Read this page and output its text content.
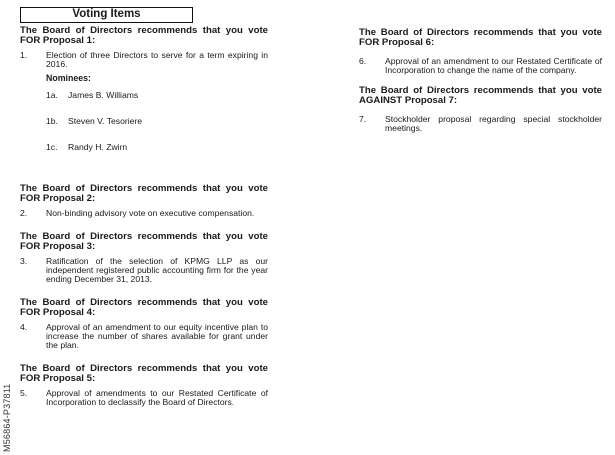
Voting Items
The Board of Directors recommends that you vote FOR Proposal 1:
1. Election of three Directors to serve for a term expiring in 2016.
Nominees:
1a. James B. Williams
1b. Steven V. Tesoriere
1c. Randy H. Zwirn
The Board of Directors recommends that you vote FOR Proposal 2:
2. Non-binding advisory vote on executive compensation.
The Board of Directors recommends that you vote FOR Proposal 3:
3. Ratification of the selection of KPMG LLP as our independent registered public accounting firm for the year ending December 31, 2013.
The Board of Directors recommends that you vote FOR Proposal 4:
4. Approval of an amendment to our equity incentive plan to increase the number of shares available for grant under the plan.
The Board of Directors recommends that you vote FOR Proposal 5:
5. Approval of amendments to our Restated Certificate of Incorporation to declassify the Board of Directors.
The Board of Directors recommends that you vote FOR Proposal 6:
6. Approval of an amendment to our Restated Certificate of Incorporation to change the name of the company.
The Board of Directors recommends that you vote AGAINST Proposal 7:
7. Stockholder proposal regarding special stockholder meetings.
M56864-P37811
